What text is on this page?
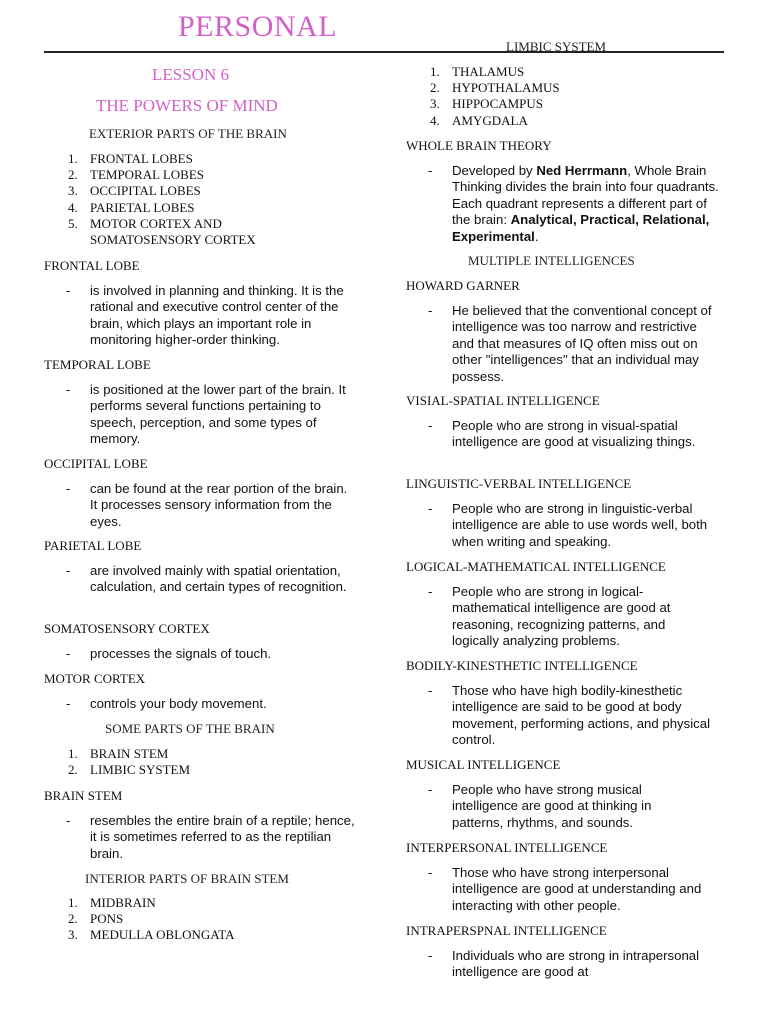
PERSONAL
LESSON 6
THE POWERS OF MIND
EXTERIOR PARTS OF THE BRAIN
1. FRONTAL LOBES
2. TEMPORAL LOBES
3. OCCIPITAL LOBES
4. PARIETAL LOBES
5. MOTOR CORTEX AND SOMATOSENSORY CORTEX
FRONTAL LOBE
-	is involved in planning and thinking. It is the rational and executive control center of the brain, which plays an important role in monitoring higher-order thinking.
TEMPORAL LOBE
-	is positioned at the lower part of the brain. It performs several functions pertaining to speech, perception, and some types of memory.
OCCIPITAL LOBE
-	can be found at the rear portion of the brain. It processes sensory information from the eyes.
PARIETAL LOBE
-	are involved mainly with spatial orientation, calculation, and certain types of recognition.
SOMATOSENSORY CORTEX
-	processes the signals of touch.
MOTOR CORTEX
-	controls your body movement.
SOME PARTS OF THE BRAIN
1. BRAIN STEM
2. LIMBIC SYSTEM
BRAIN STEM
-	resembles the entire brain of a reptile; hence, it is sometimes referred to as the reptilian brain.
INTERIOR PARTS OF BRAIN STEM
1. MIDBRAIN
2. PONS
3. MEDULLA OBLONGATA
LIMBIC SYSTEM
1. THALAMUS
2. HYPOTHALAMUS
3. HIPPOCAMPUS
4. AMYGDALA
WHOLE BRAIN THEORY
-	Developed by Ned Herrmann, Whole Brain Thinking divides the brain into four quadrants. Each quadrant represents a different part of the brain: Analytical, Practical, Relational, Experimental.
MULTIPLE INTELLIGENCES
HOWARD GARNER
-	He believed that the conventional concept of intelligence was too narrow and restrictive and that measures of IQ often miss out on other "intelligences" that an individual may possess.
VISIAL-SPATIAL INTELLIGENCE
-	People who are strong in visual-spatial intelligence are good at visualizing things.
LINGUISTIC-VERBAL INTELLIGENCE
-	People who are strong in linguistic-verbal intelligence are able to use words well, both when writing and speaking.
LOGICAL-MATHEMATICAL INTELLIGENCE
-	People who are strong in logical-mathematical intelligence are good at reasoning, recognizing patterns, and logically analyzing problems.
BODILY-KINESTHETIC INTELLIGENCE
-	Those who have high bodily-kinesthetic intelligence are said to be good at body movement, performing actions, and physical control.
MUSICAL INTELLIGENCE
-	People who have strong musical intelligence are good at thinking in patterns, rhythms, and sounds.
INTERPERSONAL INTELLIGENCE
-	Those who have strong interpersonal intelligence are good at understanding and interacting with other people.
INTRAPERSPNAL INTELLIGENCE
-	Individuals who are strong in intrapersonal intelligence are good at
